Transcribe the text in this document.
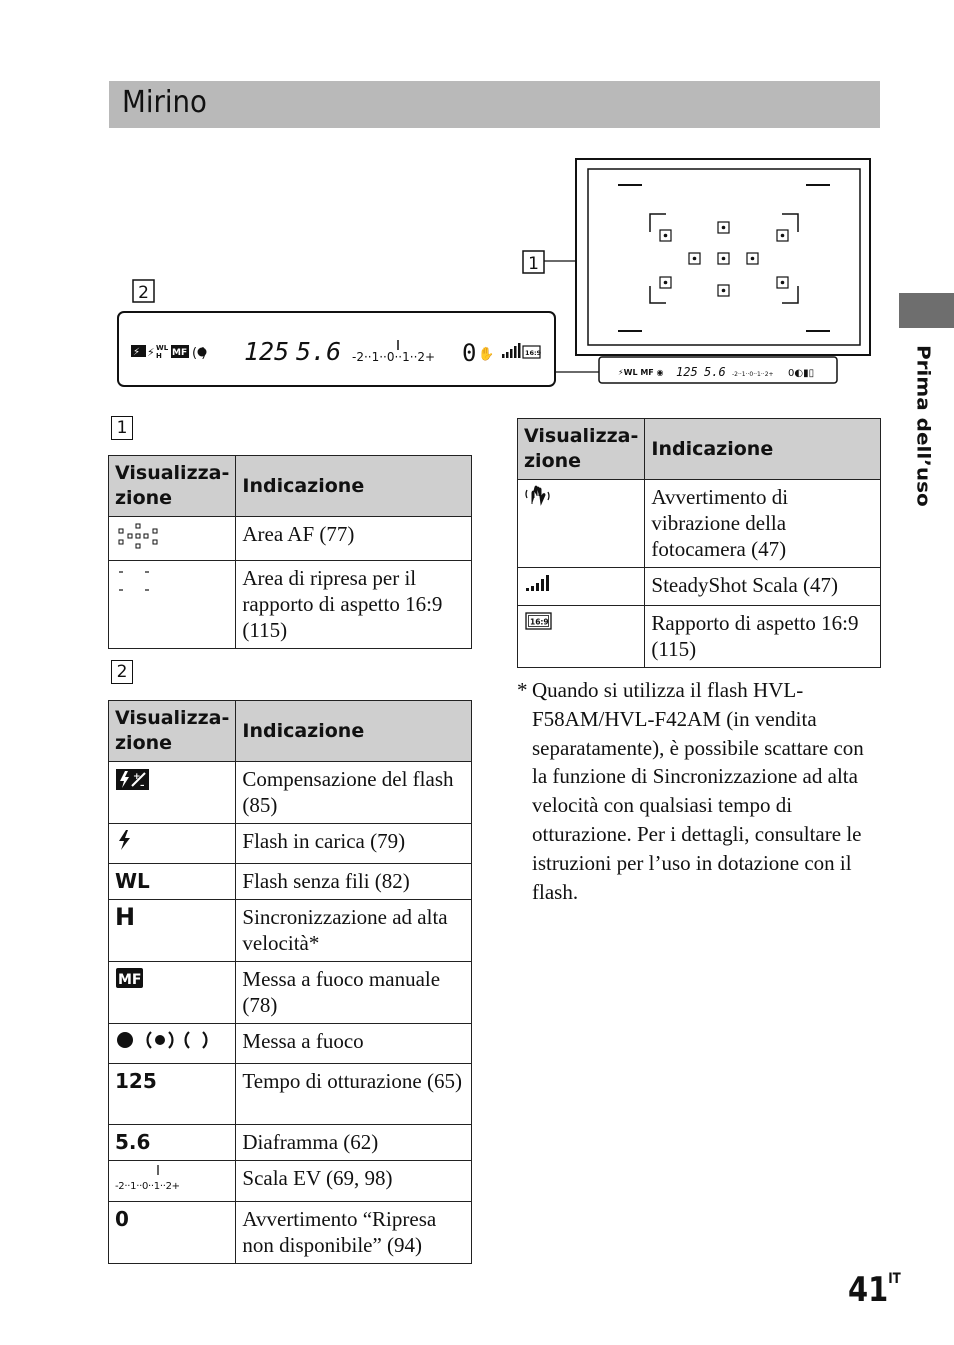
Mirino
Prima dell’uso
⚡WL MF ◉ 125 5.6 -2··1··0··1··2+ 0◐▮▯
1
2
⚡ ⚡ WL
H MF ( ) 125 5.6 -2··1··0··1··2+ 0 ✋	16:9
1
Visualizza-zione	Indicazione
	Area AF (77)
	Area di ripresa per il rapporto di aspetto 16:9 (115)
2
Visualizza-zione	Indicazione

+
–	Compensazione del flash (85)
	Flash in carica (79)
WL	Flash senza fili (82)
H	Sincronizzazione ad alta velocità*

MF	Messa a fuoco manuale (78)
	Messa a fuoco
125	Tempo di otturazione (65)
5.6	Diaframma (62)
-2··1··0··1··2+	Scala EV (69, 98)
0	Avvertimento “Ripresa non disponibile” (94)
Visualizza-zione	Indicazione
	Avvertimento di vibrazione della fotocamera (47)
	SteadyShot Scala (47)

16:9	Rapporto di aspetto 16:9 (115)
* Quando si utilizza il flash HVL-F58AM/HVL-F42AM (in vendita separatamente), è possibile scattare con la funzione di Sincronizzazione ad alta velocità con qualsiasi tempo di otturazione. Per i dettagli, consultare le istruzioni per l’uso in dotazione con il flash.
$41^{IT}$
